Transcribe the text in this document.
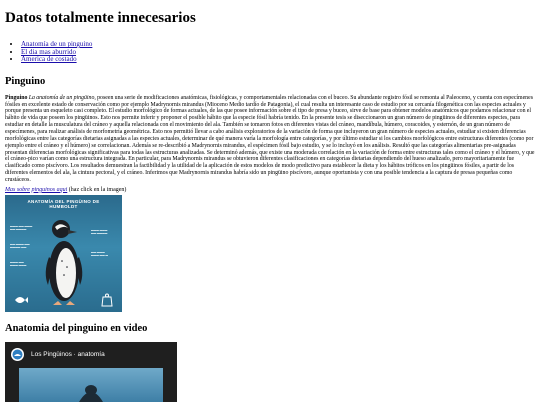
Datos totalmente innecesarios
• Anatomía de un pinguino
• El dia mas aburrido
• America de costado
Pinguino

Pinguino La anatomía de un pingüino, poseen una serie de modificaciones anatómicas, fisiológicas, y comportamentales relacionadas con el buceo. Su abundante registro fósil se remonta al Paleoceno, y cuenta con especímenes fósiles en excelente estado de conservación como por ejemplo Madrynornis mirandus (Mioceno Medio tardío de Patagonia), el cual resulta un interesante caso de estudio por su cercanía filogenética con las especies actuales y porque presenta un esqueleto casi completo. El estudio morfológico de formas actuales, de las que posee información sobre el tipo de presa y buceo, sirve de base para obtener modelos anatómicos que podamos relacionar con el hábito de vida que poseen los pingüinos. Esto nos permite inferir y proponer el posible hábito que la especie fósil habría tenido. En la presente tesis se diseccionaron un gran número de pingüinos de diferentes especies, para estudiar en detalle la musculatura del cráneo y aquella relacionada con el movimiento del ala. También se tomaron fotos en diferentes vistas del cráneo, mandíbula, húmero, coracoides, y esternón, de un gran número de especímenes, para realizar análisis de morfometría geométrica. Esto nos permitió llevar a cabo análisis exploratorios de la variación de forma que incluyeron un gran número de especies actuales, estudiar si existen diferencias morfológicas entre las categorías dietarias asignadas a las especies actuales, determinar de qué manera varía la morfología entre categorías, y por último estudiar si los cambios morfológicos entre estructuras diferentes (como por ejemplo entre el cráneo y el húmero) se correlacionan. Además se re-describió a Madrynornis mirandus, el espécimen fósil bajo estudio, y se lo incluyó en los análisis. Resultó que las categorías alimentarias pre-asignadas presentan diferencias morfológicas significativas para todas las estructuras analizadas. Se determinó además, que existe una moderada correlación en la variación de forma entre estructuras tales como el cráneo y el húmero, y que el cráneo-pico varían como una estructura integrada. En particular, para Madrynornis mirandus se obtuvieron diferentes clasificaciones en categorías dietarias dependiendo del hueso analizado, pero mayoritariamente fue clasificado como piscívoro. Los resultados demuestran la factibilidad y la utilidad de la aplicación de estos modelos de modo predictivo para establecer la dieta y los hábitos tróficos en los pingüinos fósiles, a partir de los diferentes elementos del ala, la cintura pectoral, y el cráneo. Inferimos que Madrynornis mirandus habría sido un pingüino piscívoro, aunque oportunista y con una posible tendencia a la captura de presas pequeñas como crustáceos.

Mas sobre pinguinos aqui (haz click en la imagen)
ANATOMÍA DEL PINGÜINO DE
HUMBOLDT
▬▬▬ ▬▬ ▬▬▬
▬▬ ▬▬▬▬
▬▬ ▬▬▬ ▬▬
▬▬▬▬ ▬▬
▬▬▬ ▬▬
▬▬▬ ▬▬▬
▬▬▬ ▬▬▬
▬▬ ▬▬▬▬
▬▬ ▬▬▬
▬▬▬ ▬▬ ▬
Anatomia del pinguino en video
Los Pingüinos · anatomía
